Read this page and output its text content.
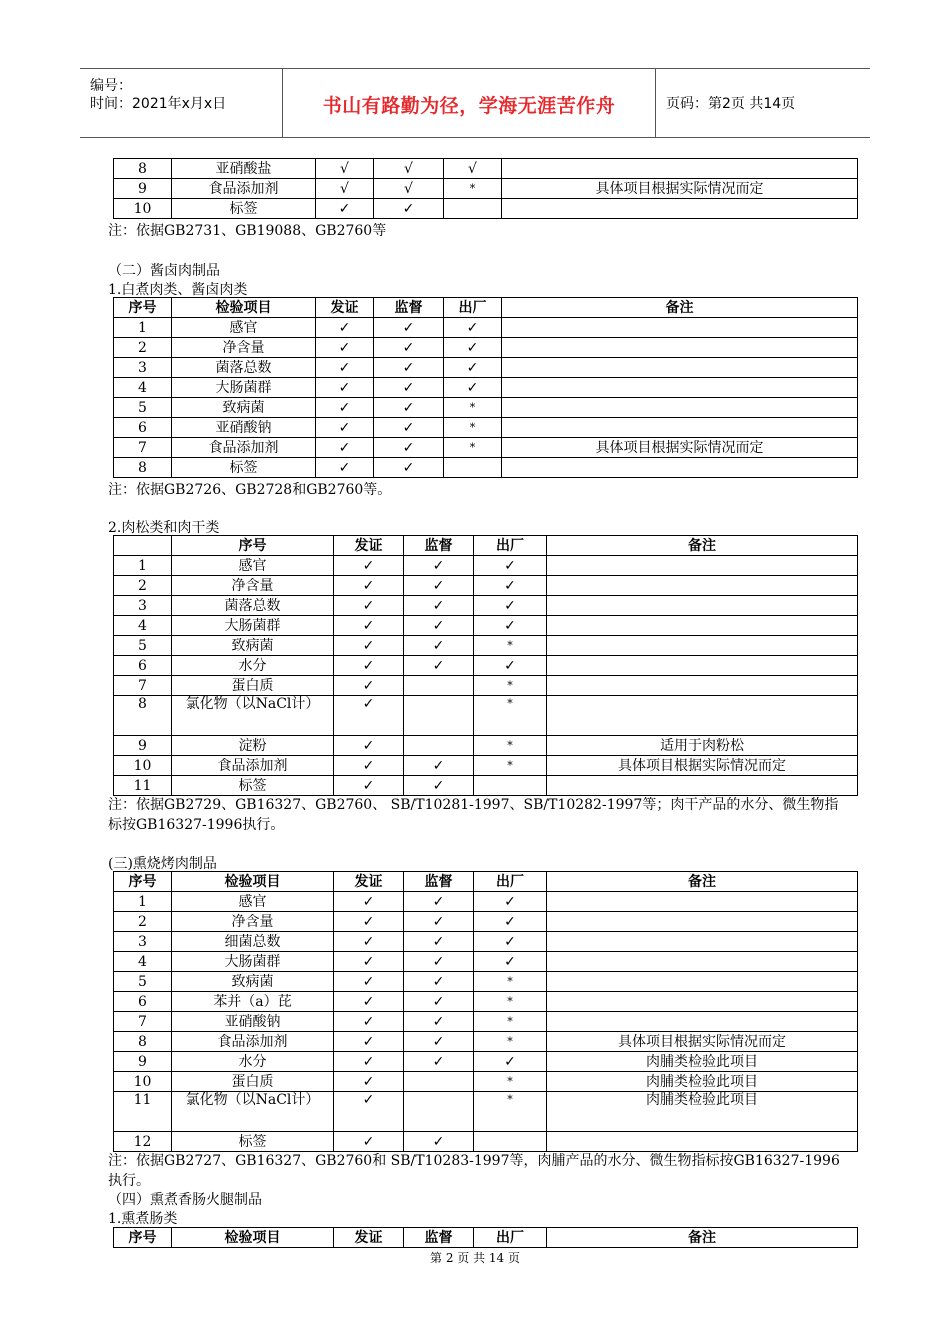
编号：
时间：2021年x月x日	书山有路勤为径，学海无涯苦作舟	页码：第2页 共14页
8	亚硝酸盐	√	√	√	
9	食品添加剂	√	√	*	具体项目根据实际情况而定
10	标签	✓	✓		
注：依据GB2731、GB19088、GB2760等
（二）酱卤肉制品
1.白煮肉类、酱卤肉类
序号	检验项目	发证	监督	出厂	备注
1	感官	✓	✓	✓	
2	净含量	✓	✓	✓	
3	菌落总数	✓	✓	✓	
4	大肠菌群	✓	✓	✓	
5	致病菌	✓	✓	*	
6	亚硝酸钠	✓	✓	*	
7	食品添加剂	✓	✓	*	具体项目根据实际情况而定
8	标签	✓	✓		
注：依据GB2726、GB2728和GB2760等。
2.肉松类和肉干类
	序号	发证	监督	出厂	备注
1	感官	✓	✓	✓	
2	净含量	✓	✓	✓	
3	菌落总数	✓	✓	✓	
4	大肠菌群	✓	✓	✓	
5	致病菌	✓	✓	*	
6	水分	✓	✓	✓	
7	蛋白质	✓		*	
8	氯化物（以NaCl计）	✓		*	
9	淀粉	✓		*	适用于肉粉松
10	食品添加剂	✓	✓	*	具体项目根据实际情况而定
11	标签	✓	✓		
注：依据GB2729、GB16327、GB2760、 SB/T10281-1997、SB/T10282-1997等；肉干产品的水分、微生物指标按GB16327-1996执行。
(三)熏烧烤肉制品
序号	检验项目	发证	监督	出厂	备注
1	感官	✓	✓	✓	
2	净含量	✓	✓	✓	
3	细菌总数	✓	✓	✓	
4	大肠菌群	✓	✓	✓	
5	致病菌	✓	✓	*	
6	苯并（a）芘	✓	✓	*	
7	亚硝酸钠	✓	✓	*	
8	食品添加剂	✓	✓	*	具体项目根据实际情况而定
9	水分	✓	✓	✓	肉脯类检验此项目
10	蛋白质	✓		*	肉脯类检验此项目
11	氯化物（以NaCl计）	✓		*	肉脯类检验此项目
12	标签	✓	✓		
注：依据GB2727、GB16327、GB2760和 SB/T10283-1997等，肉脯产品的水分、微生物指标按GB16327-1996执行。
（四）熏煮香肠火腿制品
1.熏煮肠类
序号	检验项目	发证	监督	出厂	备注
第 2 页 共 14 页
